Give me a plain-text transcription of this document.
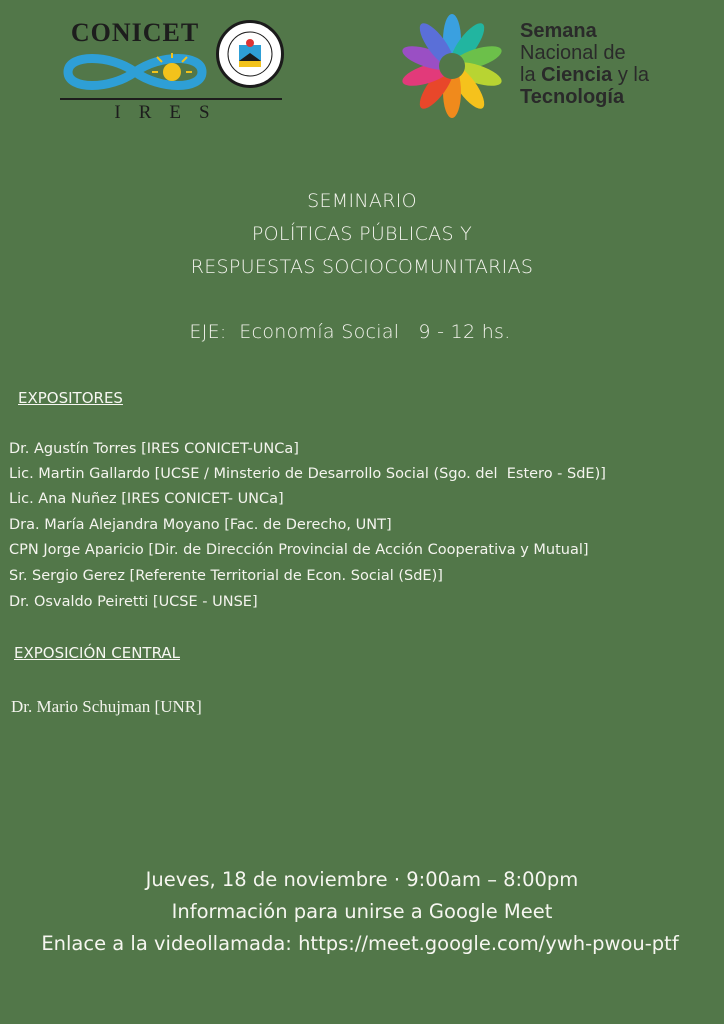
CONICET
IRES
Semana
Nacional de
la Ciencia y la
Tecnología
SEMINARIO
POLÍTICAS PÚBLICAS Y
RESPUESTAS SOCIOCOMUNITARIAS
EJE:  Economía Social   9 - 12 hs.
EXPOSITORES
Dr. Agustín Torres [IRES CONICET-UNCa]
Lic. Martin Gallardo [UCSE / Minsterio de Desarrollo Social (Sgo. del  Estero - SdE)]
Lic. Ana Nuñez [IRES CONICET- UNCa]
Dra. María Alejandra Moyano [Fac. de Derecho, UNT]
CPN Jorge Aparicio [Dir. de Dirección Provincial de Acción Cooperativa y Mutual]
Sr. Sergio Gerez [Referente Territorial de Econ. Social (SdE)]
Dr. Osvaldo Peiretti [UCSE - UNSE]
EXPOSICIÓN CENTRAL
Dr. Mario Schujman [UNR]
Jueves, 18 de noviembre · 9:00am – 8:00pm
Información para unirse a Google Meet
Enlace a la videollamada: https://meet.google.com/ywh-pwou-ptf
